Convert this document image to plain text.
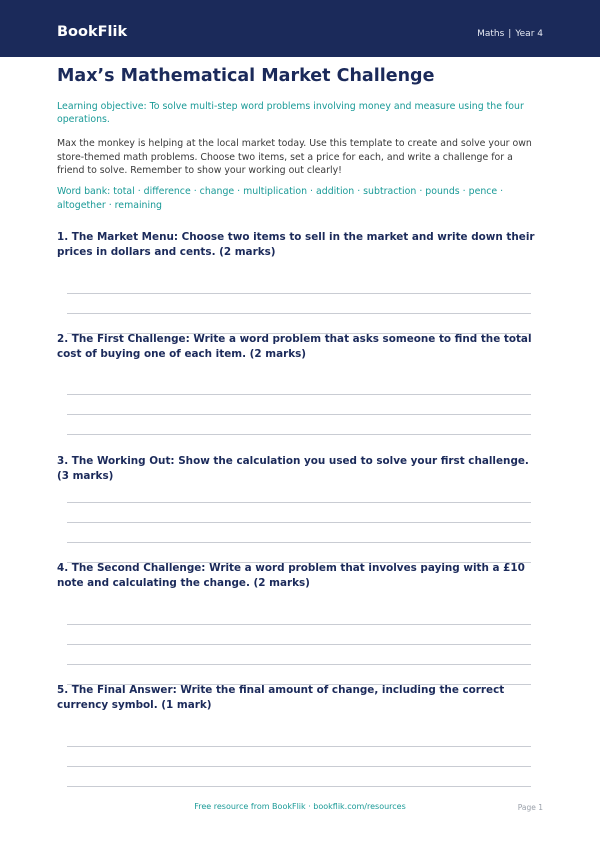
BookFlik	Maths | Year 4
Max’s Mathematical Market Challenge

Learning objective: To solve multi-step word problems involving money and measure using the four operations.

Max the monkey is helping at the local market today. Use this template to create and solve your own store-themed math problems. Choose two items, set a price for each, and write a challenge for a friend to solve. Remember to show your working out clearly!

Word bank: total · difference · change · multiplication · addition · subtraction · pounds · pence · altogether · remaining

1. The Market Menu: Choose two items to sell in the market and write down their prices in dollars and cents. (2 marks)

2. The First Challenge: Write a word problem that asks someone to find the total cost of buying one of each item. (2 marks)

3. The Working Out: Show the calculation you used to solve your first challenge. (3 marks)

4. The Second Challenge: Write a word problem that involves paying with a £10 note and calculating the change. (2 marks)

5. The Final Answer: Write the final amount of change, including the correct currency symbol. (1 mark)

Free resource from BookFlik · bookflik.com/resources	Page 1
